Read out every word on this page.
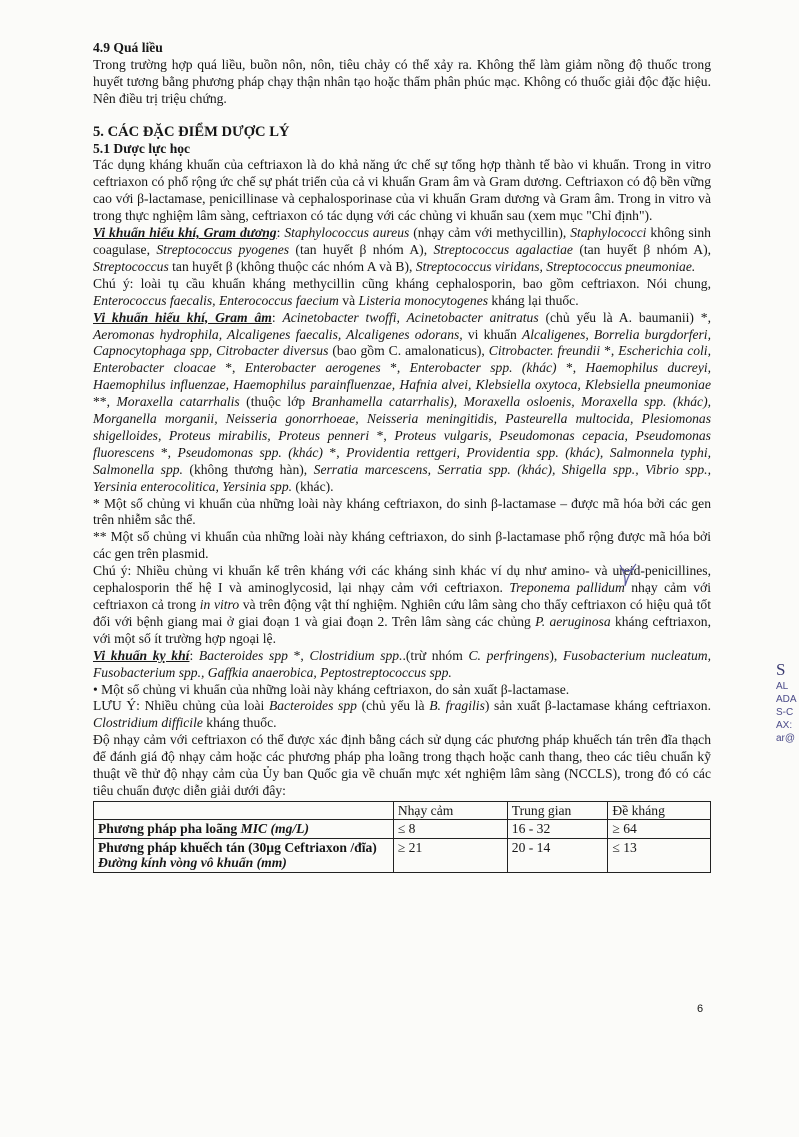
4.9 Quá liều

Trong trường hợp quá liều, buồn nôn, nôn, tiêu chảy có thể xảy ra. Không thể làm giảm nồng độ thuốc trong huyết tương bằng phương pháp chạy thận nhân tạo hoặc thẩm phân phúc mạc. Không có thuốc giải độc đặc hiệu. Nên điều trị triệu chứng.

5. CÁC ĐẶC ĐIỂM DƯỢC LÝ

5.1 Dược lực học

Tác dụng kháng khuẩn của ceftriaxon là do khả năng ức chế sự tổng hợp thành tế bào vi khuẩn. Trong in vitro ceftriaxon có phổ rộng ức chế sự phát triển của cả vi khuẩn Gram âm và Gram dương. Ceftriaxon có độ bền vững cao với β-lactamase, penicillinase và cephalosporinase của vi khuẩn Gram dương và Gram âm. Trong in vitro và trong thực nghiệm lâm sàng, ceftriaxon có tác dụng với các chủng vi khuẩn sau (xem mục "Chỉ định").

Vi khuẩn hiếu khí, Gram dương: Staphylococcus aureus (nhạy cảm với methycillin), Staphylococci không sinh coagulase, Streptococcus pyogenes (tan huyết β nhóm A), Streptococcus agalactiae (tan huyết β nhóm A), Streptococcus tan huyết β (không thuộc các nhóm A và B), Streptococcus viridans, Streptococcus pneumoniae.

Chú ý: loài tụ cầu khuẩn kháng methycillin cũng kháng cephalosporin, bao gồm ceftriaxon. Nói chung, Enterococcus faecalis, Enterococcus faecium và Listeria monocytogenes kháng lại thuốc.

Vi khuẩn hiếu khí, Gram âm: Acinetobacter twoffi, Acinetobacter anitratus (chủ yếu là A. baumanii) *, Aeromonas hydrophila, Alcaligenes faecalis, Alcaligenes odorans, vi khuẩn Alcaligenes, Borrelia burgdorferi, Capnocytophaga spp, Citrobacter diversus (bao gồm C. amalonaticus), Citrobacter. freundii *, Escherichia coli, Enterobacter cloacae *, Enterobacter aerogenes *, Enterobacter spp. (khác) *, Haemophilus ducreyi, Haemophilus influenzae, Haemophilus parainfluenzae, Hafnia alvei, Klebsiella oxytoca, Klebsiella pneumoniae **, Moraxella catarrhalis (thuộc lớp Branhamella catarrhalis), Moraxella osloenis, Moraxella spp. (khác), Morganella morganii, Neisseria gonorrhoeae, Neisseria meningitidis, Pasteurella multocida, Plesiomonas shigelloides, Proteus mirabilis, Proteus penneri *, Proteus vulgaris, Pseudomonas cepacia, Pseudomonas fluorescens *, Pseudomonas spp. (khác) *, Providentia rettgeri, Providentia spp. (khác), Salmonnela typhi, Salmonella spp. (không thương hàn), Serratia marcescens, Serratia spp. (khác), Shigella spp., Vibrio spp., Yersinia enterocolitica, Yersinia spp. (khác).

* Một số chủng vi khuẩn của những loài này kháng ceftriaxon, do sinh β-lactamase – được mã hóa bởi các gen trên nhiễm sắc thể.

** Một số chủng vi khuẩn của những loài này kháng ceftriaxon, do sinh β-lactamase phổ rộng được mã hóa bởi các gen trên plasmid.

Chú ý: Nhiều chủng vi khuẩn kể trên kháng với các kháng sinh khác ví dụ như amino- và ureid-penicillines, cephalosporin thế hệ I và aminoglycosid, lại nhạy cảm với ceftriaxon. Treponema pallidum nhạy cảm với ceftriaxon cả trong in vitro và trên động vật thí nghiệm. Nghiên cứu lâm sàng cho thấy ceftriaxon có hiệu quả tốt đối với bệnh giang mai ở giai đoạn 1 và giai đoạn 2. Trên lâm sàng các chủng P. aeruginosa kháng ceftriaxon, với một số ít trường hợp ngoại lệ.

Vi khuẩn kỵ khí: Bacteroides spp *, Clostridium spp..(trừ nhóm C. perfringens), Fusobacterium nucleatum, Fusobacterium spp., Gaffkia anaerobica, Peptostreptococcus spp.

• Một số chủng vi khuẩn của những loài này kháng ceftriaxon, do sản xuất β-lactamase.

LƯU Ý: Nhiều chủng của loài Bacteroides spp (chủ yếu là B. fragilis) sản xuất β-lactamase kháng ceftriaxon. Clostridium difficile kháng thuốc.

Độ nhạy cảm với ceftriaxon có thể được xác định bằng cách sử dụng các phương pháp khuếch tán trên đĩa thạch để đánh giá độ nhạy cảm hoặc các phương pháp pha loãng trong thạch hoặc canh thang, theo các tiêu chuẩn kỹ thuật về thử độ nhạy cảm của Ủy ban Quốc gia về chuẩn mực xét nghiệm lâm sàng (NCCLS), trong đó có các tiêu chuẩn được diễn giải dưới đây:

	Nhạy cảm	Trung gian	Đề kháng
Phương pháp pha loãng MIC (mg/L)	≤ 8	16 - 32	≥ 64
Phương pháp khuếch tán (30µg Ceftriaxon /đĩa)
Đường kính vòng vô khuẩn (mm)	≥ 21	20 - 14	≤ 13
6
S
AL
ADA
S-C
AX:
ar@
